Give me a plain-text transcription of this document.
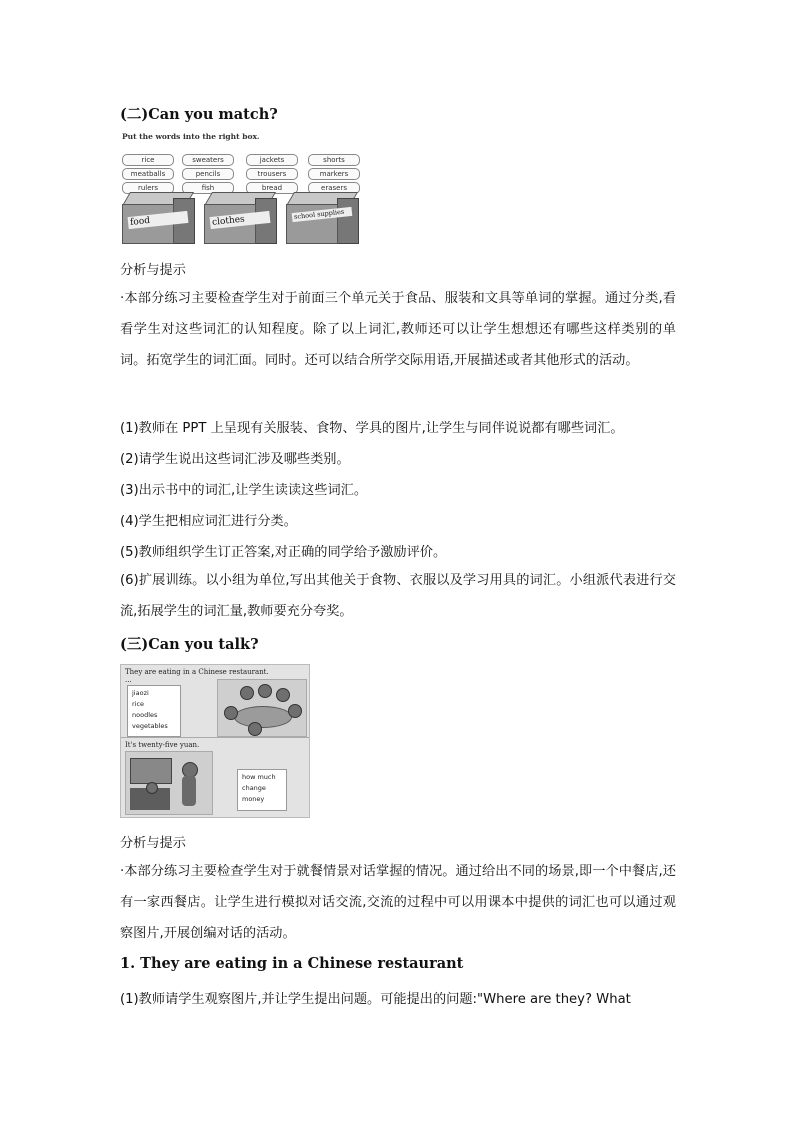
(二)Can you match?
Put the words into the right box.
rice	sweaters	jackets	shorts
meatballs	pencils	trousers	markers
rulers	fish	bread	erasers
food	clothes
school supplies
分析与提示
·本部分练习主要检查学生对于前面三个单元关于食品、服装和文具等单词的掌握。通过分类,看看学生对这些词汇的认知程度。除了以上词汇,教师还可以让学生想想还有哪些这样类别的单词。拓宽学生的词汇面。同时。还可以结合所学交际用语,开展描述或者其他形式的活动。
(1)教师在 PPT 上呈现有关服装、食物、学具的图片,让学生与同伴说说都有哪些词汇。
(2)请学生说出这些词汇涉及哪些类别。
(3)出示书中的词汇,让学生读读这些词汇。
(4)学生把相应词汇进行分类。
(5)教师组织学生订正答案,对正确的同学给予激励评价。
(6)扩展训练。以小组为单位,写出其他关于食物、衣服以及学习用具的词汇。小组派代表进行交流,拓展学生的词汇量,教师要充分夸奖。
(三)Can you talk?
They are eating in a Chinese restaurant.
...
jiaozi
rice
noodles
vegetables
It's twenty-five yuan.
how much
change
money
分析与提示
·本部分练习主要检查学生对于就餐情景对话掌握的情况。通过给出不同的场景,即一个中餐店,还有一家西餐店。让学生进行模拟对话交流,交流的过程中可以用课本中提供的词汇也可以通过观察图片,开展创编对话的活动。
1. They are eating in a Chinese restaurant
(1)教师请学生观察图片,并让学生提出问题。可能提出的问题:"Where are they? What
